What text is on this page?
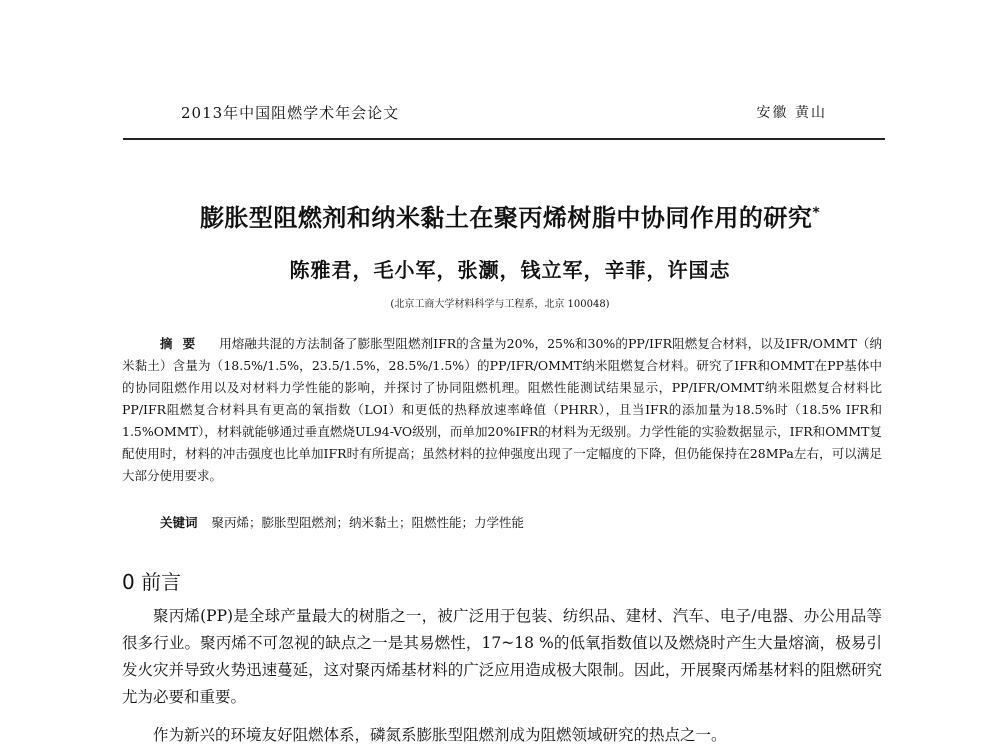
2013年中国阻燃学术年会论文	安徽 黄山
膨胀型阻燃剂和纳米黏土在聚丙烯树脂中协同作用的研究*
陈雅君，毛小军，张灏，钱立军，辛菲，许国志
(北京工商大学材料科学与工程系，北京 100048)
摘要 用熔融共混的方法制备了膨胀型阻燃剂IFR的含量为20%，25%和30%的PP/IFR阻燃复合材料，以及IFR/OMMT（纳米黏土）含量为（18.5%/1.5%，23.5/1.5%，28.5%/1.5%）的PP/IFR/OMMT纳米阻燃复合材料。研究了IFR和OMMT在PP基体中的协同阻燃作用以及对材料力学性能的影响，并探讨了协同阻燃机理。阻燃性能测试结果显示，PP/IFR/OMMT纳米阻燃复合材料比PP/IFR阻燃复合材料具有更高的氧指数（LOI）和更低的热释放速率峰值（PHRR），且当IFR的添加量为18.5%时（18.5% IFR和1.5%OMMT），材料就能够通过垂直燃烧UL94-VO级别，而单加20%IFR的材料为无级别。力学性能的实验数据显示，IFR和OMMT复配使用时，材料的冲击强度也比单加IFR时有所提高；虽然材料的拉伸强度出现了一定幅度的下降，但仍能保持在28MPa左右，可以满足大部分使用要求。
关键词 聚丙烯；膨胀型阻燃剂；纳米黏土；阻燃性能；力学性能
0 前言
聚丙烯(PP)是全球产量最大的树脂之一，被广泛用于包装、纺织品、建材、汽车、电子/电器、办公用品等很多行业。聚丙烯不可忽视的缺点之一是其易燃性，17~18 %的低氧指数值以及燃烧时产生大量熔滴，极易引发火灾并导致火势迅速蔓延，这对聚丙烯基材料的广泛应用造成极大限制。因此，开展聚丙烯基材料的阻燃研究尤为必要和重要。
作为新兴的环境友好阻燃体系，磷氮系膨胀型阻燃剂成为阻燃领域研究的热点之一。
